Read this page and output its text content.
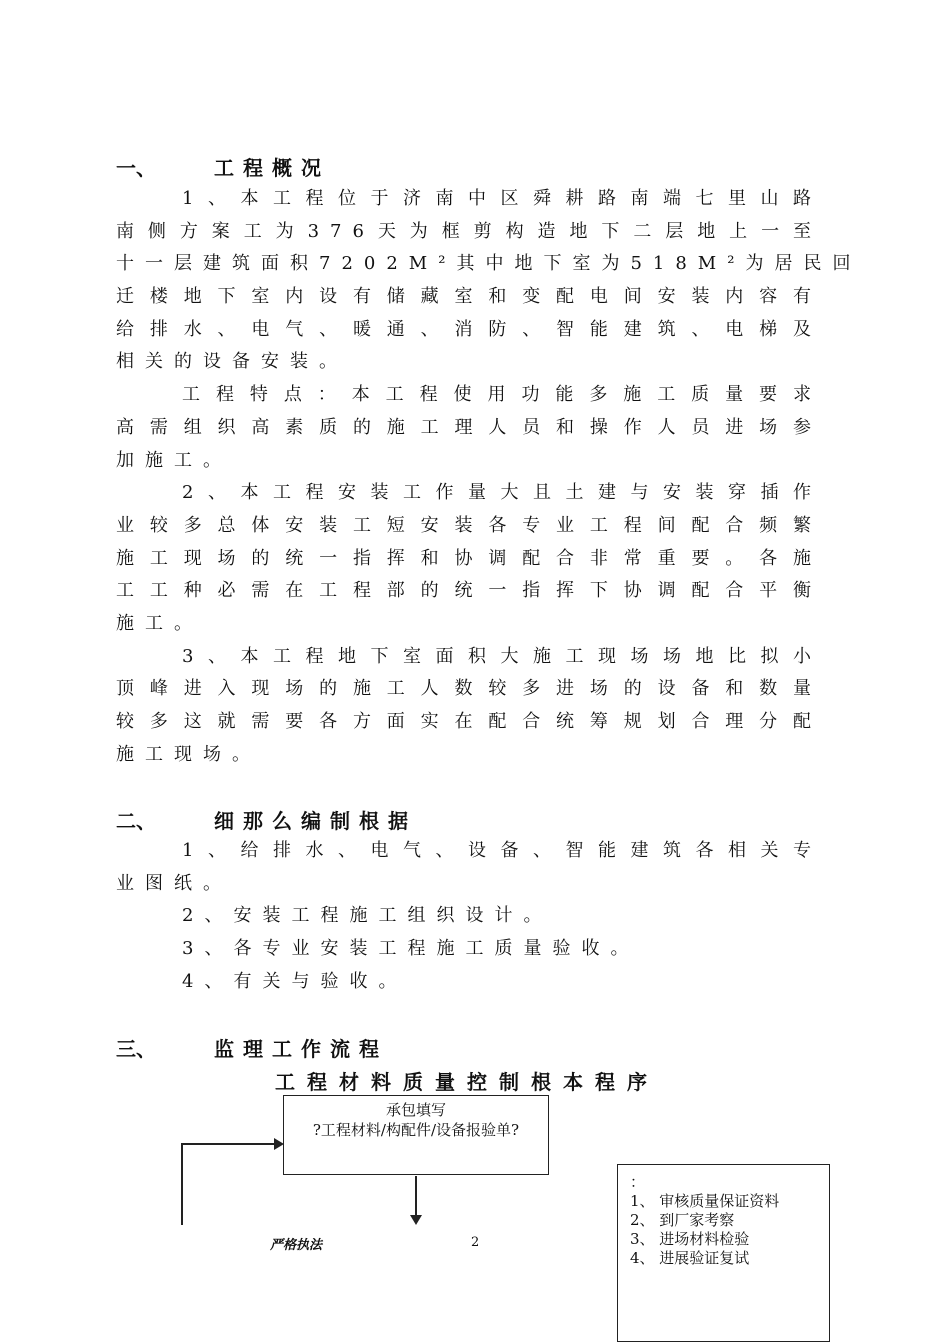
一、	工程概况
1、本工程位于济南中区舜耕路南端七里山路
南侧方案工为376天为框剪构造地下二层地上一至
十一层建筑面积7202M²其中地下室为518M²为居民回
迁楼地下室内设有储藏室和变配电间安装内容有
给排水、电气、暖通、消防、智能建筑、电梯及
相关的设备安装。
工程特点：本工程使用功能多施工质量要求
高需组织高素质的施工理人员和操作人员进场参
加施工。
2、本工程安装工作量大且土建与安装穿插作
业较多总体安装工短安装各专业工程间配合频繁
施工现场的统一指挥和协调配合非常重要。各施
工工种必需在工程部的统一指挥下协调配合平衡
施工。
3、本工程地下室面积大施工现场场地比拟小
顶峰进入现场的施工人数较多进场的设备和数量
较多这就需要各方面实在配合统筹规划合理分配
施工现场。
二、	细那么编制根据
1、给排水、电气、设备、智能建筑各相关专
业图纸。
2、安装工程施工组织设计。
3、各专业安装工程施工质量验收。
4、有关与验收。
三、	监理工作流程
工程材料质量控制根本程序
承包填写
?工程材料/构配件/设备报验单?
：
1、 审核质量保证资料
2、 到厂家考察
3、 进场材料检验
4、 进展验证复试
严格执法	2
